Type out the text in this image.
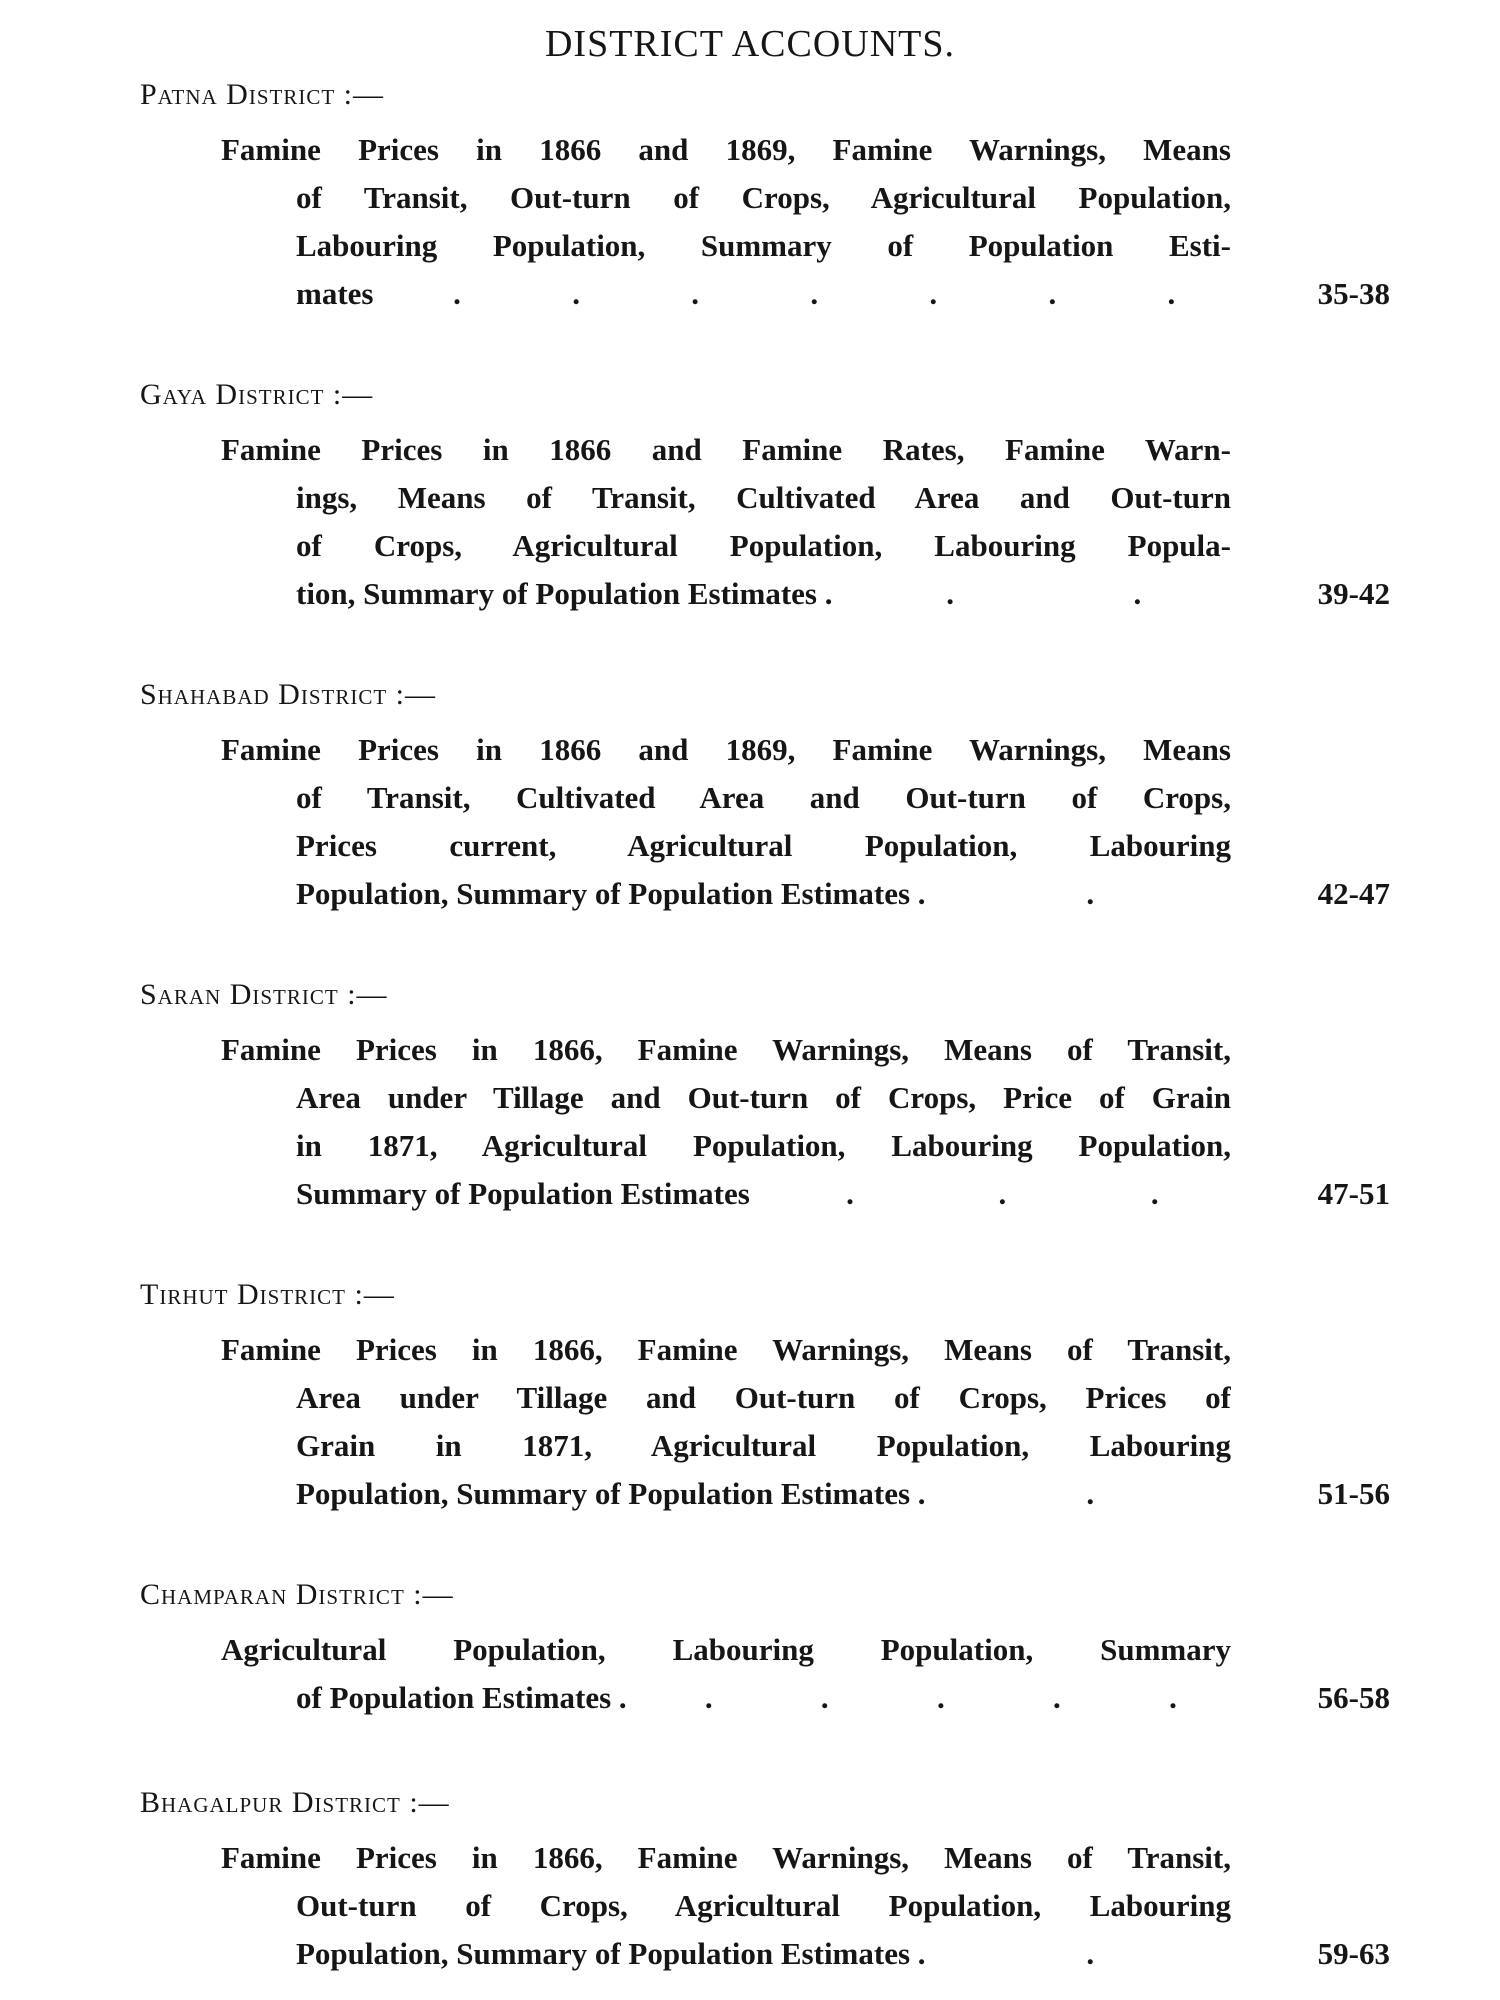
DISTRICT ACCOUNTS.
Patna District :—
Famine Prices in 1866 and 1869, Famine Warnings, Means
of Transit, Out-turn of Crops, Agricultural Population,
Labouring Population, Summary of Population Esti-
mates	.	.	.	.	.	.	.	35-38
Gaya District :—
Famine Prices in 1866 and Famine Rates, Famine Warn-
ings, Means of Transit, Cultivated Area and Out-turn
of Crops, Agricultural Population, Labouring Popula-
tion, Summary of Population Estimates .	.	.	39-42
Shahabad District :—
Famine Prices in 1866 and 1869, Famine Warnings, Means
of Transit, Cultivated Area and Out-turn of Crops,
Prices current, Agricultural Population, Labouring
Population, Summary of Population Estimates .	.	42-47
Saran District :—
Famine Prices in 1866, Famine Warnings, Means of Transit,
Area under Tillage and Out-turn of Crops, Price of Grain
in 1871, Agricultural Population, Labouring Population,
Summary of Population Estimates	.	.	.	47-51
Tirhut District :—
Famine Prices in 1866, Famine Warnings, Means of Transit,
Area under Tillage and Out-turn of Crops, Prices of
Grain in 1871, Agricultural Population, Labouring
Population, Summary of Population Estimates .	.	51-56
Champaran District :—
Agricultural Population, Labouring Population, Summary
of Population Estimates .	.	.	.	.	.	56-58
Bhagalpur District :—
Famine Prices in 1866, Famine Warnings, Means of Transit,
Out-turn of Crops, Agricultural Population, Labouring
Population, Summary of Population Estimates .	.	59-63
